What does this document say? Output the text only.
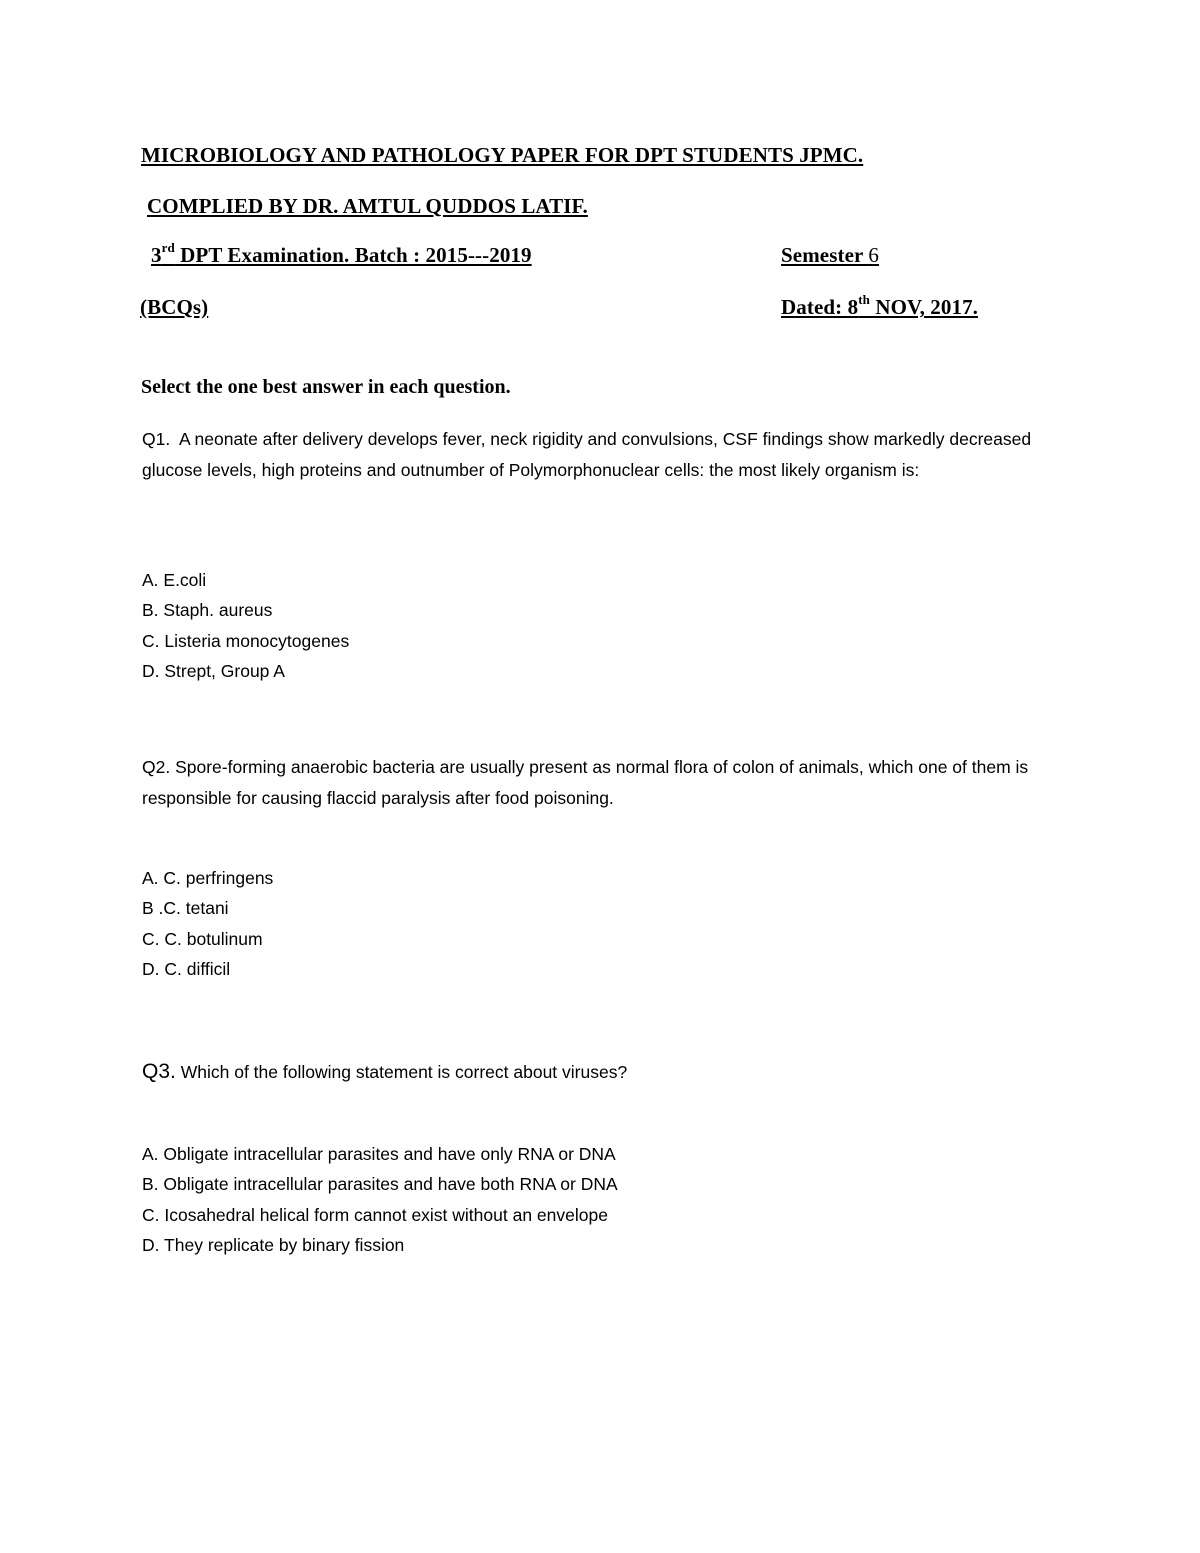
MICROBIOLOGY AND PATHOLOGY PAPER FOR DPT STUDENTS JPMC.
COMPLIED BY DR. AMTUL QUDDOS LATIF.
3rd DPT Examination. Batch : 2015---2019	Semester 6
(BCQs)	Dated: 8th NOV, 2017.
Select the one best answer in each question.
Q1. A neonate after delivery develops fever, neck rigidity and convulsions, CSF findings show markedly decreased glucose levels, high proteins and outnumber of Polymorphonuclear cells: the most likely organism is:
A. E.coli
B. Staph. aureus
C. Listeria monocytogenes
D. Strept, Group A
Q2. Spore-forming anaerobic bacteria are usually present as normal flora of colon of animals, which one of them is responsible for causing flaccid paralysis after food poisoning.
A. C. perfringens
B .C. tetani
C. C. botulinum
D. C. difficil
Q3. Which of the following statement is correct about viruses?
A. Obligate intracellular parasites and have only RNA or DNA
B. Obligate intracellular parasites and have both RNA or DNA
C. Icosahedral helical form cannot exist without an envelope
D. They replicate by binary fission
